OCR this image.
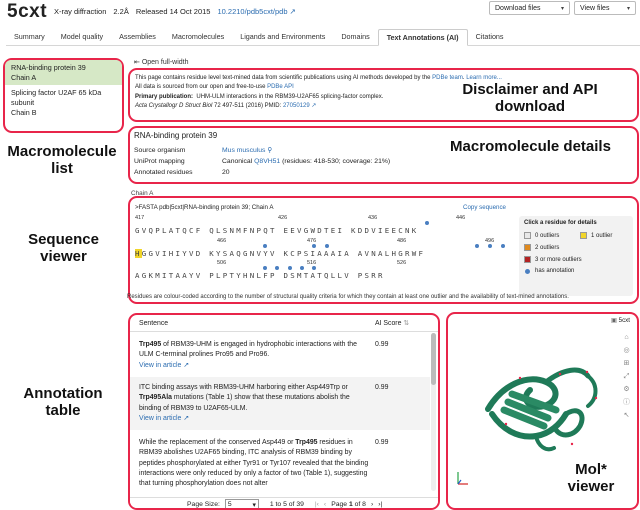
5cxt X-ray diffraction 2.2Å Released 14 Oct 2015 10.2210/pdb5cxt/pdb ↗	Download files	▾ View files	▾
Summary	Model quality	Assemblies	Macromolecules	Ligands and Environments	Domains	Text Annotations (AI)	Citations
RNA-binding protein 39
Chain A
Splicing factor U2AF 65 kDa subunit
Chain B
Macromolecule list
⇤ Open full-width
This page contains residue level text-mined data from scientific publications using AI methods developed by the PDBe team. Learn more...
All data is sourced from our open and free-to-use PDBe API
Primary publication: UHM-ULM interactions in the RBM39-U2AF65 splicing-factor complex.
Acta Crystallogr D Struct Biol 72 497-511 (2016) PMID: 27050129 ↗
Disclaimer and API download
RNA-binding protein 39
Source organism	Mus musculus ⚲
UniProt mapping	Canonical Q8VH51 (residues: 418-530; coverage: 21%)
Annotated residues	20
Macromolecule details
Chain A
>FASTA pdb|5cxt|RNA-binding protein 39; Chain A	Copy sequence
417	426	436	446
GVQPLATQCF QLSNMFNPQT EEVGWDTEI KDDVIEECNK
466	476	486	496
HGGVIHIYVD KYSAQGNVYV KCPSIAAAIA AVNALHGRWF
506	516	526
AGKMITAAYV PLPTYHNLFP DSMTATQLLV PSRR
Click a residue for details
0 outliers
2 outliers
1 outlier
3 or more outliers
has annotation
Residues are colour-coded according to the number of structural quality criteria for which they contain at least one outlier and the availability of text-mined annotations.
Sequence viewer
Sentence	AI Score ⇅
Trp495 of RBM39-UHM is engaged in hydrophobic interactions with the ULM C-terminal prolines Pro95 and Pro96.
View in article ↗
0.99
ITC binding assays with RBM39-UHM harboring either Asp449Trp or Trp495Ala mutations (Table 1) show that these mutations abolish the binding of RBM39 to U2AF65-ULM.
View in article ↗
0.99
While the replacement of the conserved Asp449 or Trp495 residues in RBM39 abolishes U2AF65 binding, ITC analysis of RBM39 binding by peptides phosphorylated at either Tyr91 or Tyr107 revealed that the binding interactions were only reduced by only a factor of two (Table 1), suggesting that turning phosphorylation does not alter
0.99
Page Size: 5	▾ 1 to 5 of 39 |‹ ‹ Page 1 of 8 › ›|
Annotation table
▣ 5cxt
⌂
◎
⊞
⤢
⚙
ⓘ
↖
Mol* viewer
